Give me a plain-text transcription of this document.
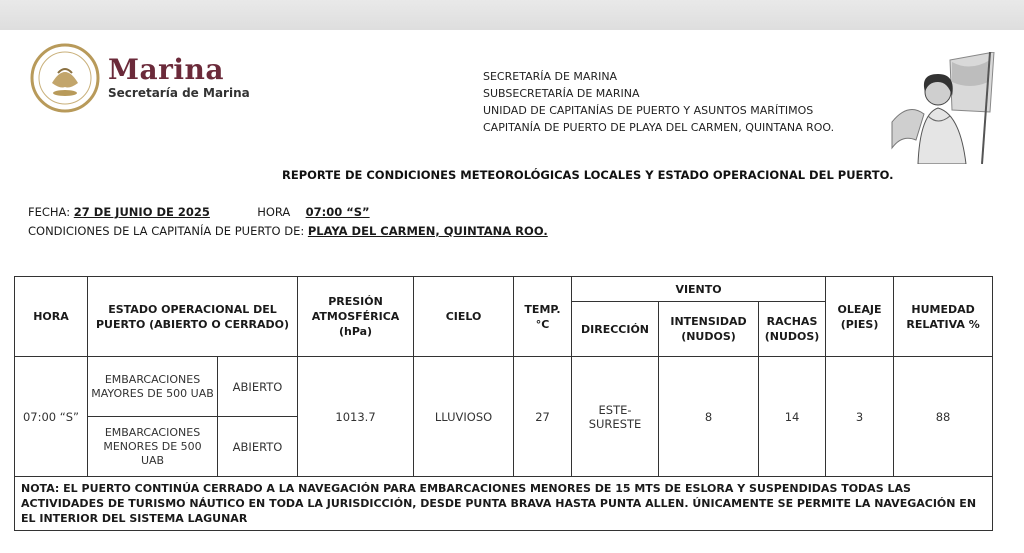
Marina
Secretaría de Marina
SECRETARÍA DE MARINA
SUBSECRETARÍA DE MARINA
UNIDAD DE CAPITANÍAS DE PUERTO Y ASUNTOS MARÍTIMOS
CAPITANÍA DE PUERTO DE PLAYA DEL CARMEN, QUINTANA ROO.
REPORTE DE CONDICIONES METEOROLÓGICAS LOCALES Y ESTADO OPERACIONAL DEL PUERTO.
FECHA: 27 DE JUNIO DE 2025	HORA 07:00 “S”
CONDICIONES DE LA CAPITANÍA DE PUERTO DE: PLAYA DEL CARMEN, QUINTANA ROO.
HORA	ESTADO OPERACIONAL DEL PUERTO (ABIERTO O CERRADO)		PRESIÓN ATMOSFÉRICA (hPa)	CIELO	TEMP. °C	VIENTO			OLEAJE (PIES)	HUMEDAD RELATIVA %
						DIRECCIÓN	INTENSIDAD (NUDOS)	RACHAS (NUDOS)		
07:00 “S”	EMBARCACIONES MAYORES DE 500 UAB	ABIERTO	1013.7	LLUVIOSO	27	ESTE-SURESTE	8	14	3	88
	EMBARCACIONES MENORES DE 500 UAB	ABIERTO								
NOTA: EL PUERTO CONTINÚA CERRADO A LA NAVEGACIÓN PARA EMBARCACIONES MENORES DE 15 MTS DE ESLORA Y SUSPENDIDAS TODAS LAS ACTIVIDADES DE TURISMO NÁUTICO EN TODA LA JURISDICCIÓN, DESDE PUNTA BRAVA HASTA PUNTA ALLEN. ÚNICAMENTE SE PERMITE LA NAVEGACIÓN EN EL INTERIOR DEL SISTEMA LAGUNAR										
